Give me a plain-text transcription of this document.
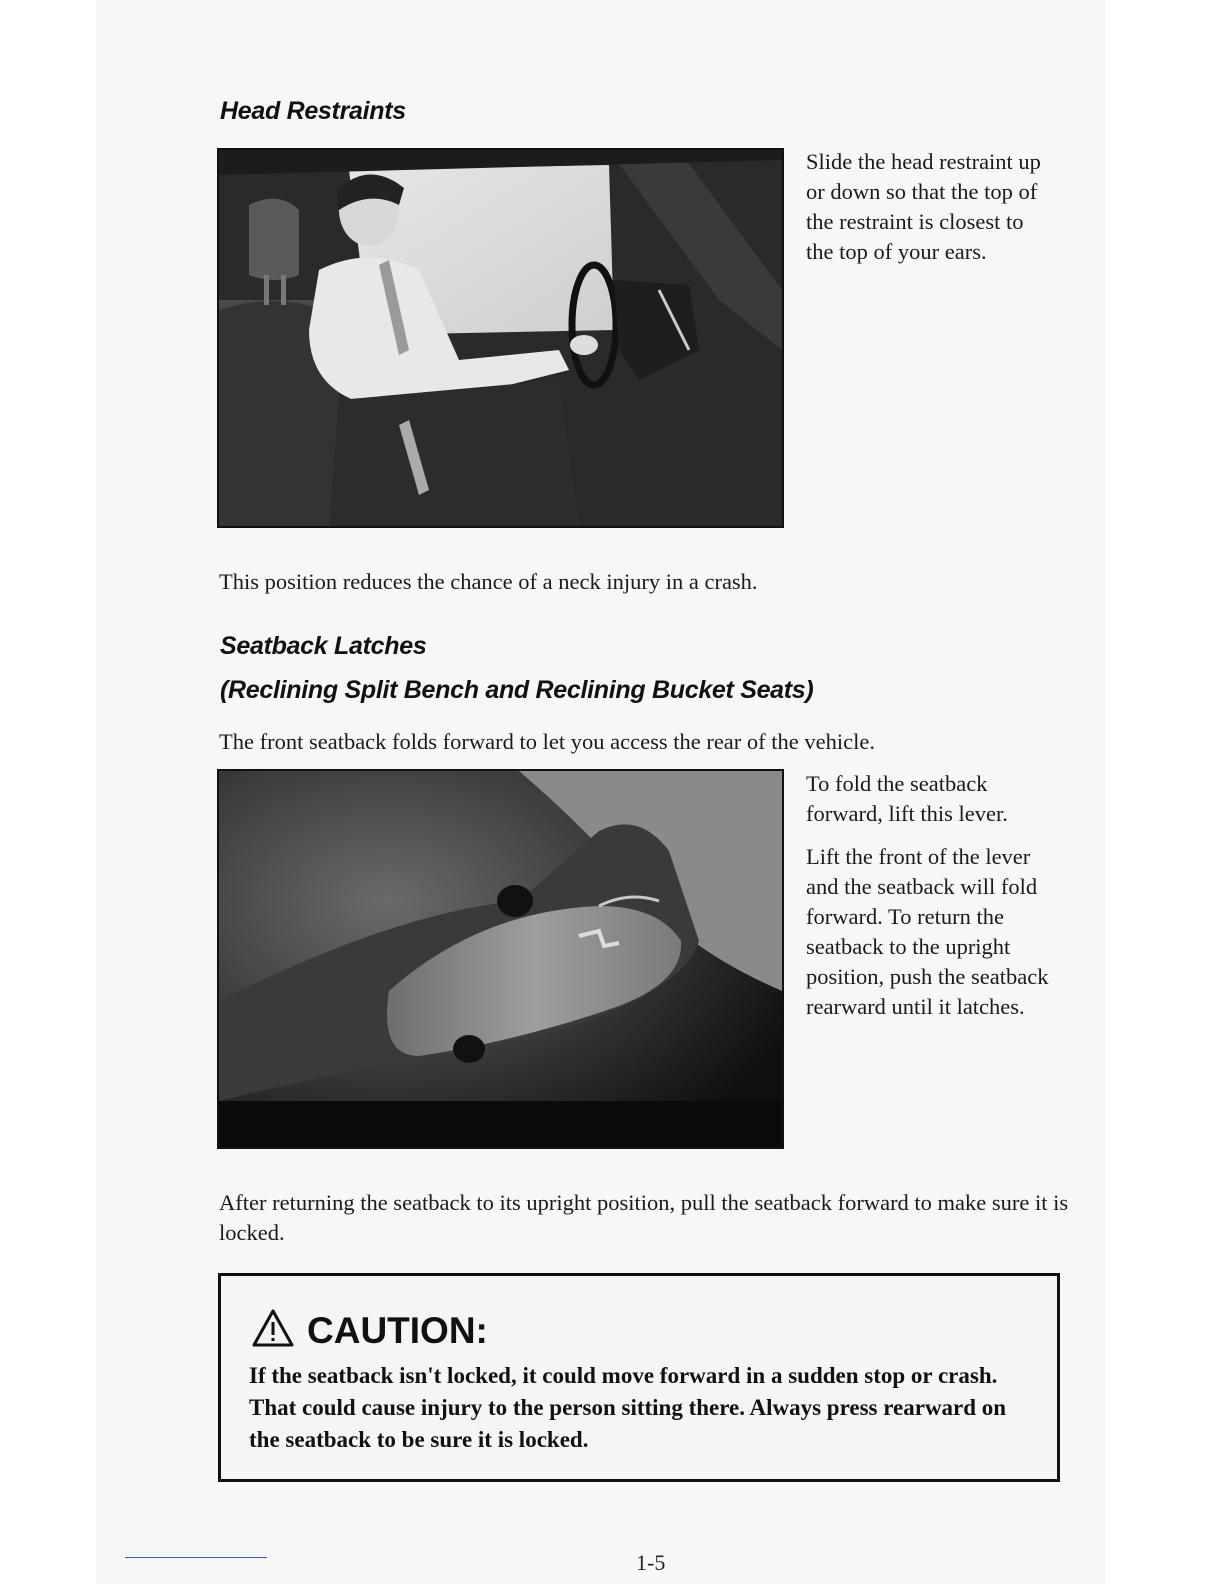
Head Restraints

Slide the head restraint up or down so that the top of the restraint is closest to the top of your ears.

This position reduces the chance of a neck injury in a crash.

Seatback Latches
(Reclining Split Bench and Reclining Bucket Seats)

The front seatback folds forward to let you access the rear of the vehicle.

To fold the seatback forward, lift this lever.

Lift the front of the lever and the seatback will fold forward. To return the seatback to the upright position, push the seatback rearward until it latches.

After returning the seatback to its upright position, pull the seatback forward to make sure it is locked.

CAUTION:

If the seatback isn't locked, it could move forward in a sudden stop or crash. That could cause injury to the person sitting there. Always press rearward on the seatback to be sure it is locked.

1-5
